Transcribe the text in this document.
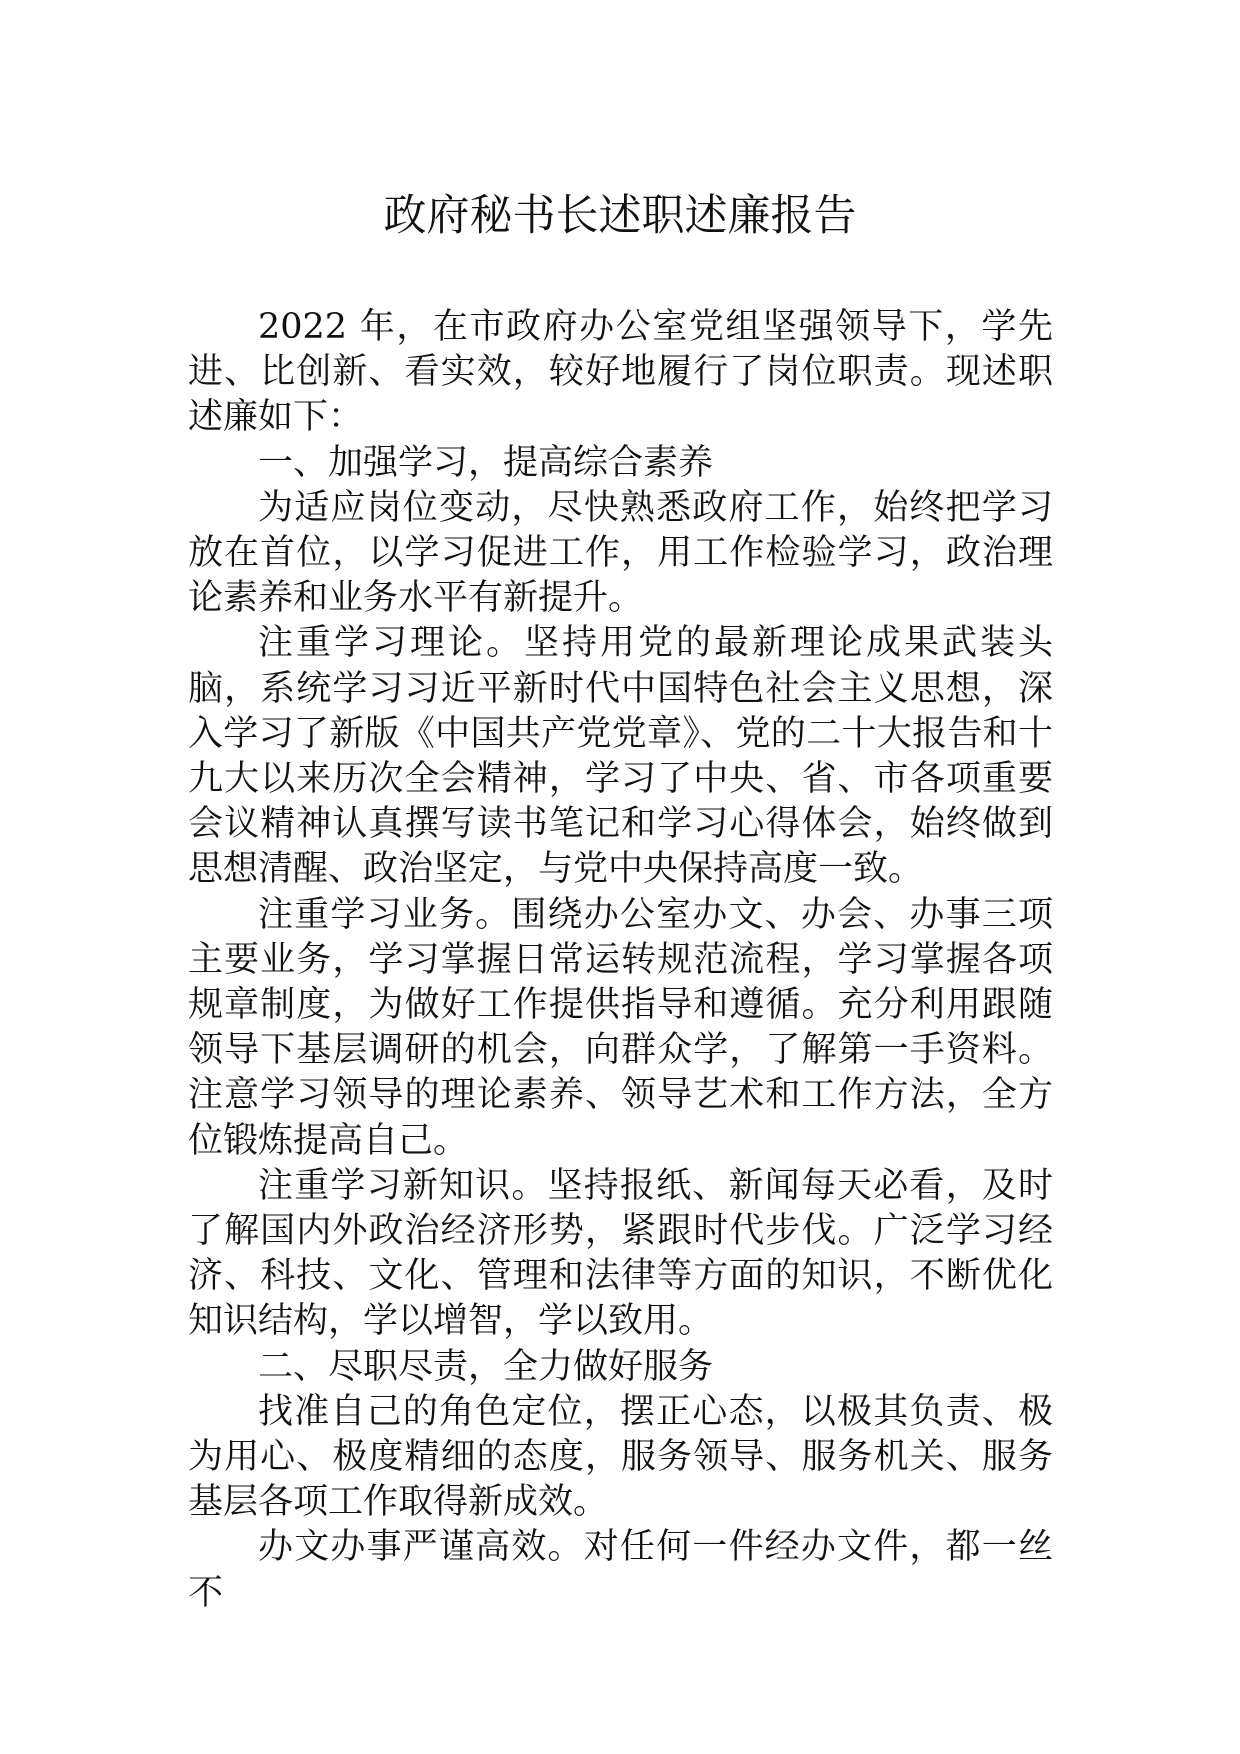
政府秘书长述职述廉报告

2022 年，在市政府办公室党组坚强领导下，学先进、比创新、看实效，较好地履行了岗位职责。现述职述廉如下：

一、加强学习，提高综合素养

为适应岗位变动，尽快熟悉政府工作，始终把学习放在首位，以学习促进工作，用工作检验学习，政治理论素养和业务水平有新提升。

注重学习理论。坚持用党的最新理论成果武装头脑，系统学习习近平新时代中国特色社会主义思想，深入学习了新版《中国共产党党章》、党的二十大报告和十九大以来历次全会精神，学习了中央、省、市各项重要会议精神认真撰写读书笔记和学习心得体会，始终做到思想清醒、政治坚定，与党中央保持高度一致。

注重学习业务。围绕办公室办文、办会、办事三项主要业务，学习掌握日常运转规范流程，学习掌握各项规章制度，为做好工作提供指导和遵循。充分利用跟随领导下基层调研的机会，向群众学，了解第一手资料。注意学习领导的理论素养、领导艺术和工作方法，全方位锻炼提高自己。

注重学习新知识。坚持报纸、新闻每天必看，及时了解国内外政治经济形势，紧跟时代步伐。广泛学习经济、科技、文化、管理和法律等方面的知识，不断优化知识结构，学以增智，学以致用。

二、尽职尽责，全力做好服务

找准自己的角色定位，摆正心态，以极其负责、极为用心、极度精细的态度，服务领导、服务机关、服务基层各项工作取得新成效。

办文办事严谨高效。对任何一件经办文件，都一丝不
